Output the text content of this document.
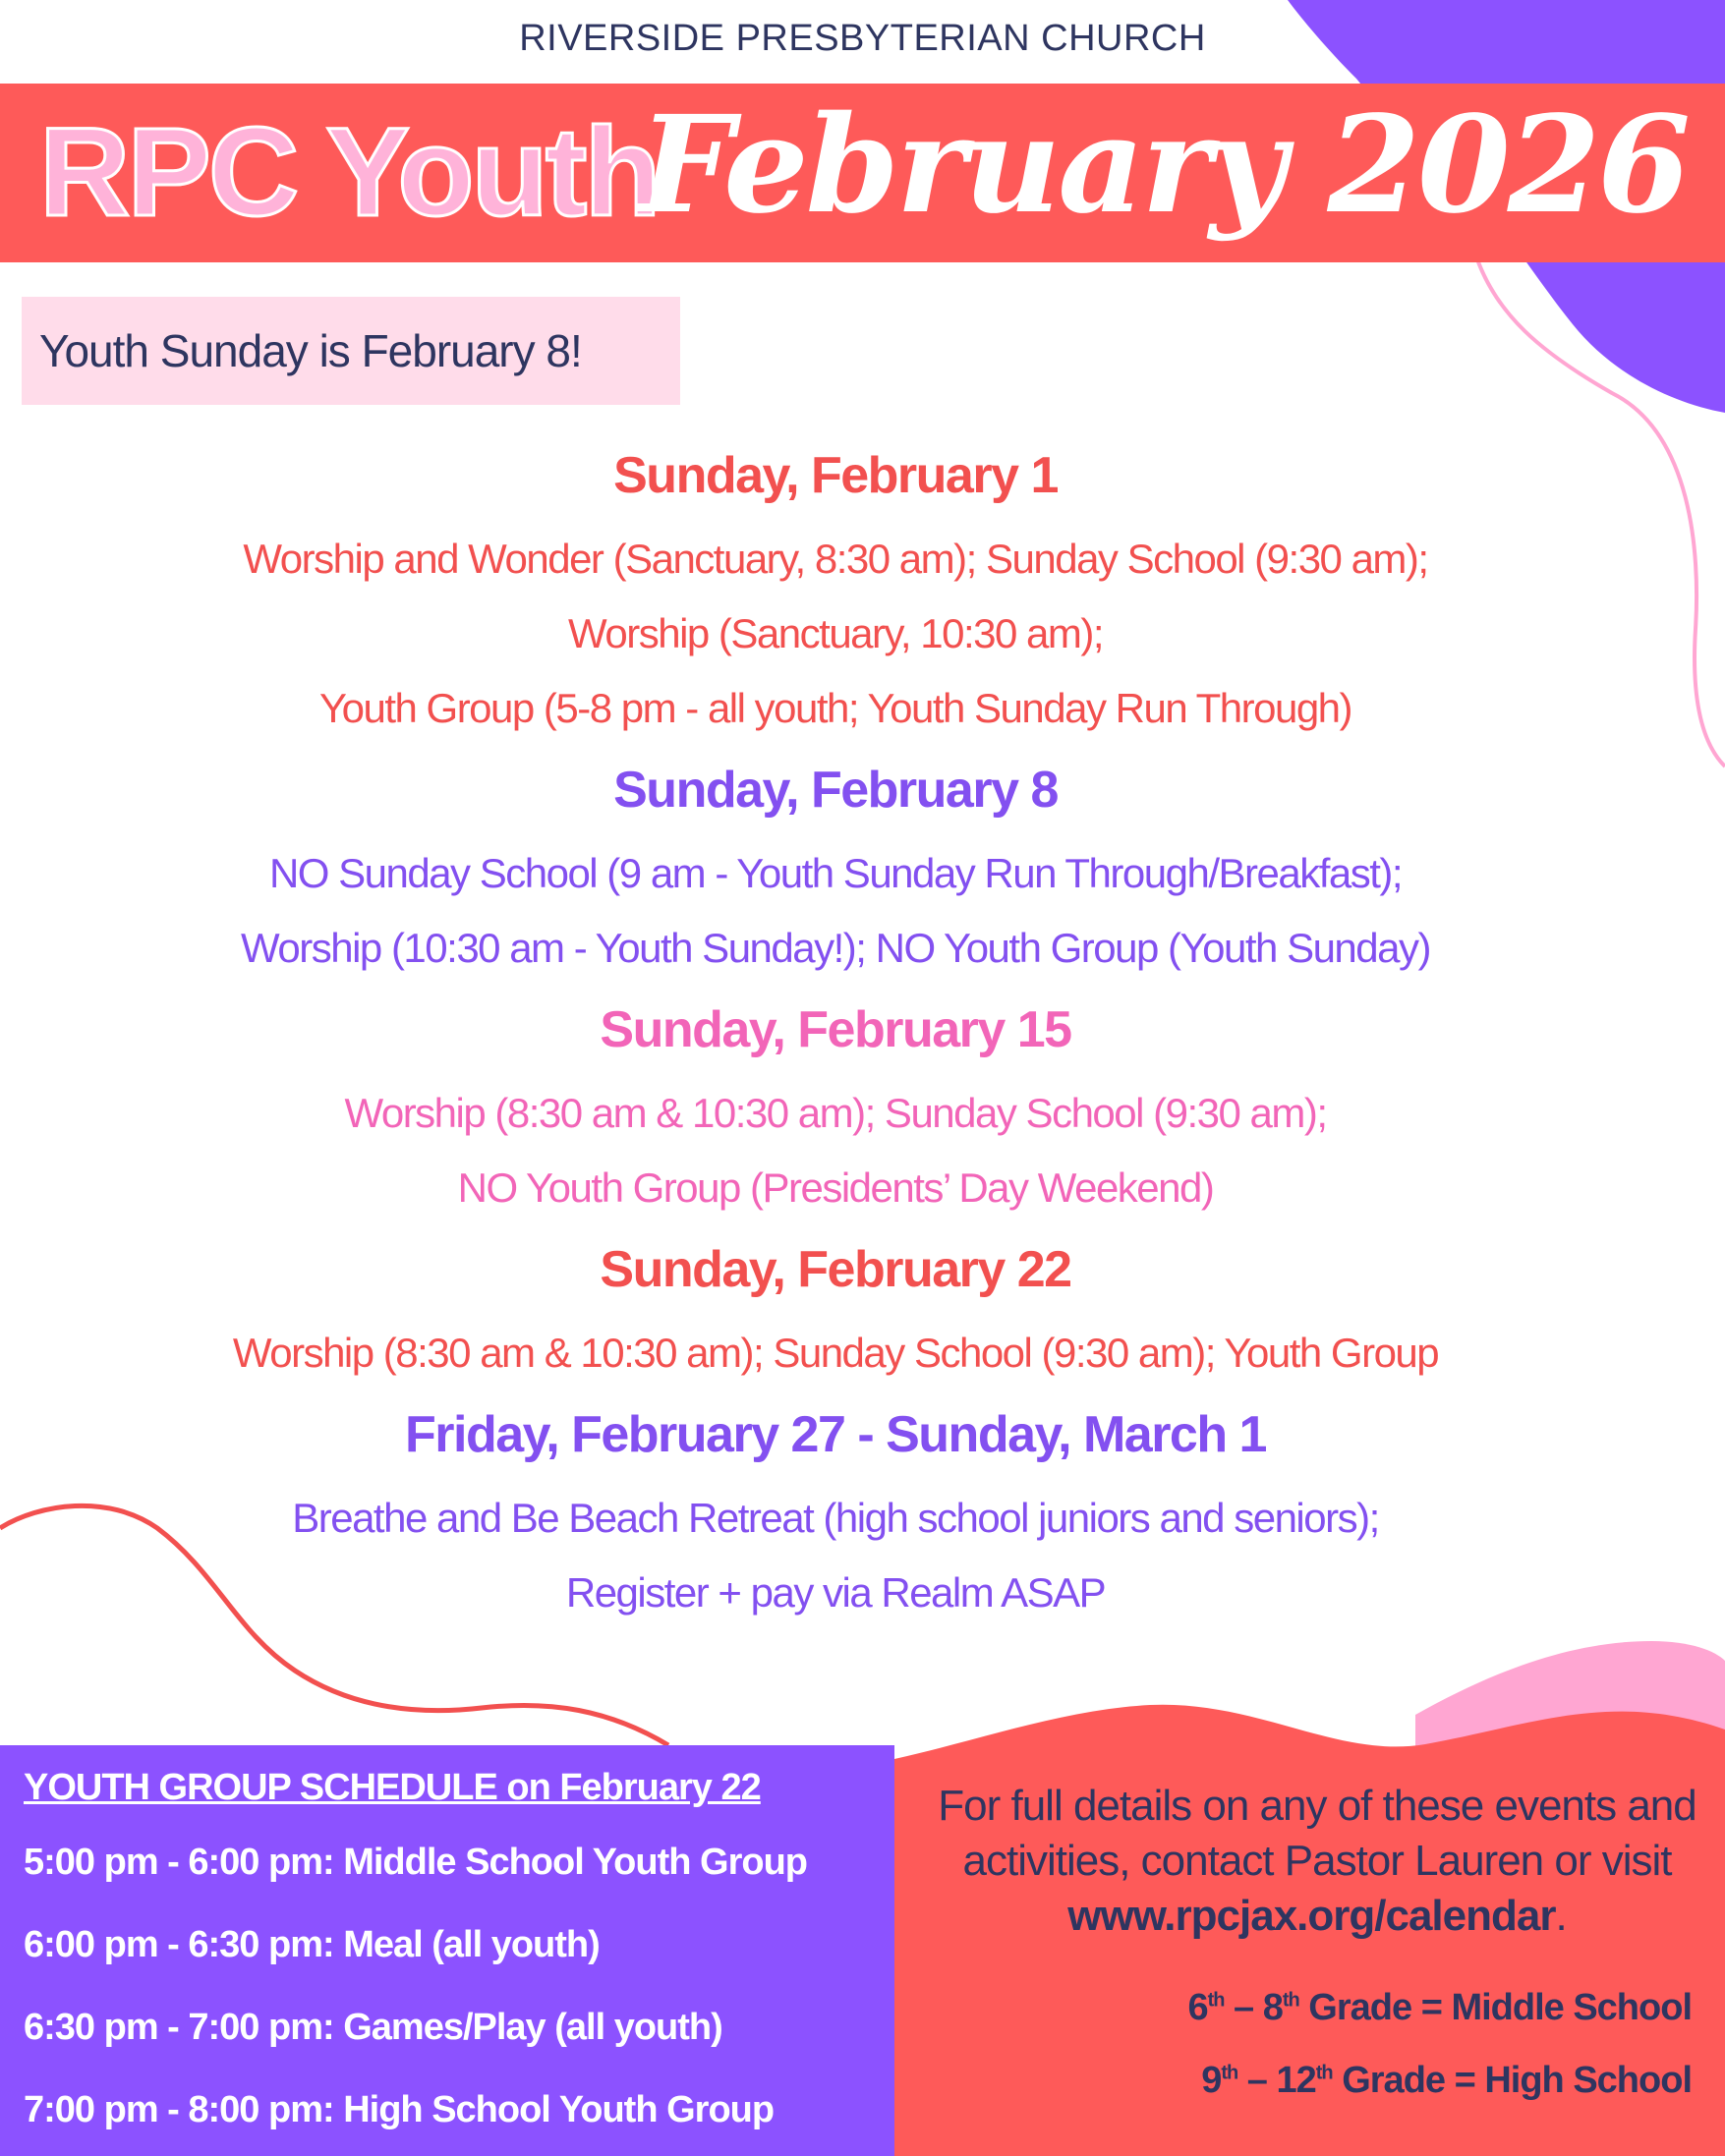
RIVERSIDE PRESBYTERIAN CHURCH
RPC Youth
February 2026
Youth Sunday is February 8!

Sunday, February 1

Worship and Wonder (Sanctuary, 8:30 am); Sunday School (9:30 am);

Worship (Sanctuary, 10:30 am);

Youth Group (5-8 pm - all youth; Youth Sunday Run Through)

Sunday, February 8

NO Sunday School (9 am - Youth Sunday Run Through/Breakfast);

Worship (10:30 am - Youth Sunday!); NO Youth Group (Youth Sunday)

Sunday, February 15

Worship (8:30 am & 10:30 am); Sunday School (9:30 am);

NO Youth Group (Presidents’ Day Weekend)

Sunday, February 22

Worship (8:30 am & 10:30 am); Sunday School (9:30 am); Youth Group

Friday, February 27 - Sunday, March 1

Breathe and Be Beach Retreat (high school juniors and seniors);

Register + pay via Realm ASAP

YOUTH GROUP SCHEDULE on February 22

5:00 pm - 6:00 pm: Middle School Youth Group

6:00 pm - 6:30 pm: Meal (all youth)

6:30 pm - 7:00 pm: Games/Play (all youth)

7:00 pm - 8:00 pm: High School Youth Group

For full details on any of these events and activities, contact Pastor Lauren or visit www.rpcjax.org/calendar.
6th – 8th Grade = Middle School
9th – 12th Grade = High School
